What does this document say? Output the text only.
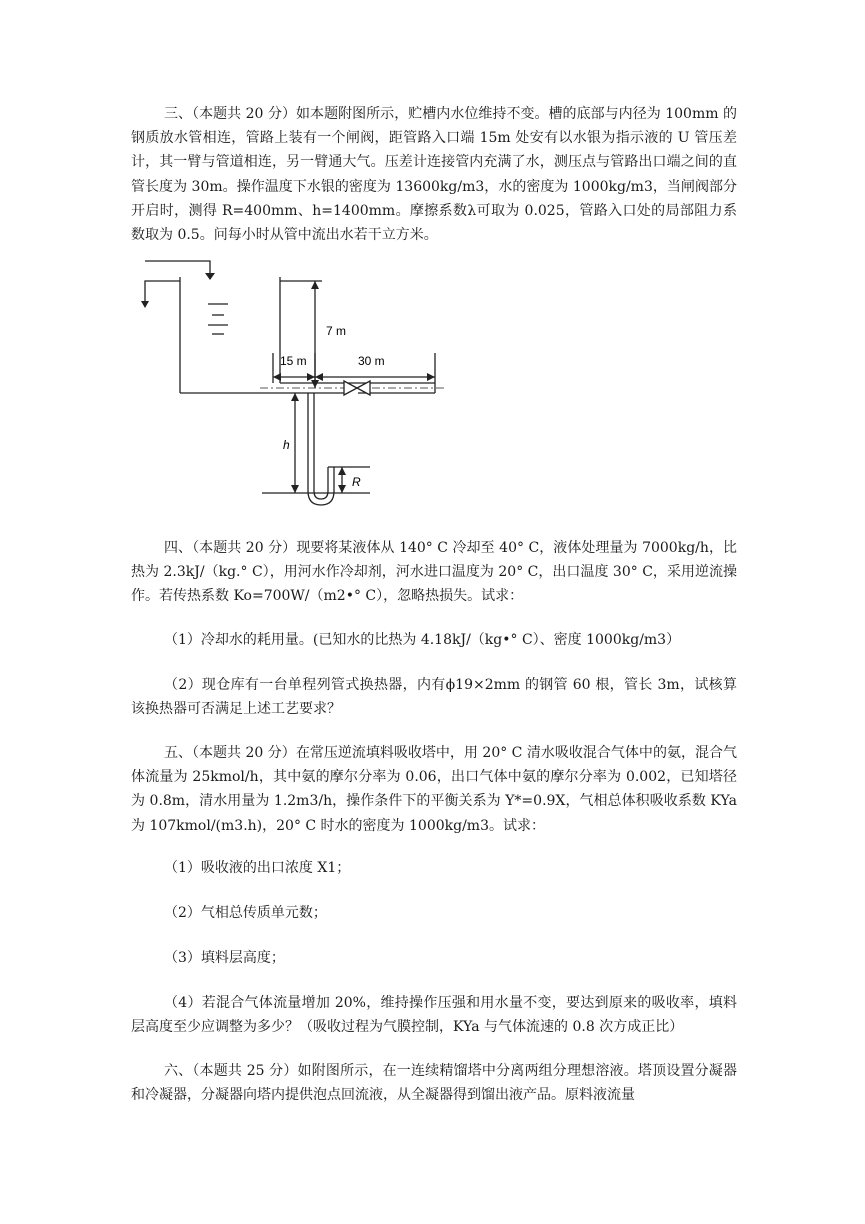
三、（本题共 20 分）如本题附图所示，贮槽内水位维持不变。槽的底部与内径为 100mm 的钢质放水管相连，管路上装有一个闸阀，距管路入口端 15m 处安有以水银为指示液的 U 管压差计，其一臂与管道相连，另一臂通大气。压差计连接管内充满了水，测压点与管路出口端之间的直管长度为 30m。操作温度下水银的密度为 13600kg/m3，水的密度为 1000kg/m3，当闸阀部分开启时，测得 R=400mm、h=1400mm。摩擦系数λ可取为 0.025，管路入口处的局部阻力系数取为 0.5。问每小时从管中流出水若干立方米。

7 m
15 m	30 m
h
R

四、（本题共 20 分）现要将某液体从 140° C 冷却至 40° C，液体处理量为 7000kg/h，比热为 2.3kJ/（kg.° C），用河水作冷却剂，河水进口温度为 20° C，出口温度 30° C，采用逆流操作。若传热系数 Ko=700W/（m2•° C），忽略热损失。试求：

（1）冷却水的耗用量。(已知水的比热为 4.18kJ/（kg•° C）、密度 1000kg/m3）

（2）现仓库有一台单程列管式换热器，内有ϕ19×2mm 的钢管 60 根，管长 3m，试核算该换热器可否满足上述工艺要求？

五、（本题共 20 分）在常压逆流填料吸收塔中，用 20° C 清水吸收混合气体中的氨，混合气体流量为 25kmol/h，其中氨的摩尔分率为 0.06，出口气体中氨的摩尔分率为 0.002，已知塔径为 0.8m，清水用量为 1.2m3/h，操作条件下的平衡关系为 Y*=0.9X，气相总体积吸收系数 KYa 为 107kmol/(m3.h)，20° C 时水的密度为 1000kg/m3。试求：

（1）吸收液的出口浓度 X1；

（2）气相总传质单元数；

（3）填料层高度；

（4）若混合气体流量增加 20%，维持操作压强和用水量不变，要达到原来的吸收率，填料层高度至少应调整为多少？（吸收过程为气膜控制，KYa 与气体流速的 0.8 次方成正比）

六、（本题共 25 分）如附图所示，在一连续精馏塔中分离两组分理想溶液。塔顶设置分凝器和冷凝器，分凝器向塔内提供泡点回流液，从全凝器得到馏出液产品。原料液流量
